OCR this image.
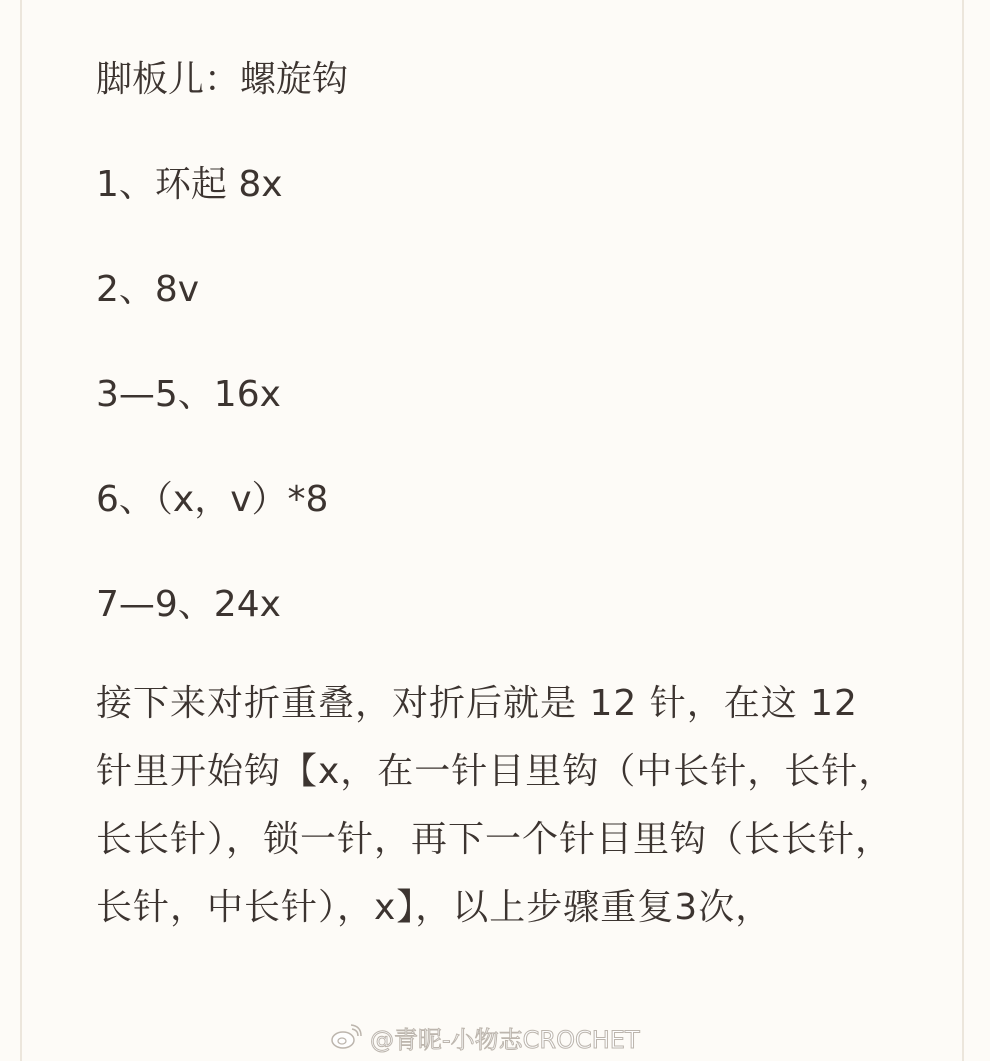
脚板儿：螺旋钩

1、环起 8x

2、8v

3—5、16x

6、（x，v）*8

7—9、24x

接下来对折重叠，对折后就是 12 针，在这 12 针里开始钩【x，在一针目里钩（中长针，长针，长长针），锁一针，再下一个针目里钩（长长针，长针，中长针），x】，以上步骤重复3次，

@青昵-小物志CROCHET
